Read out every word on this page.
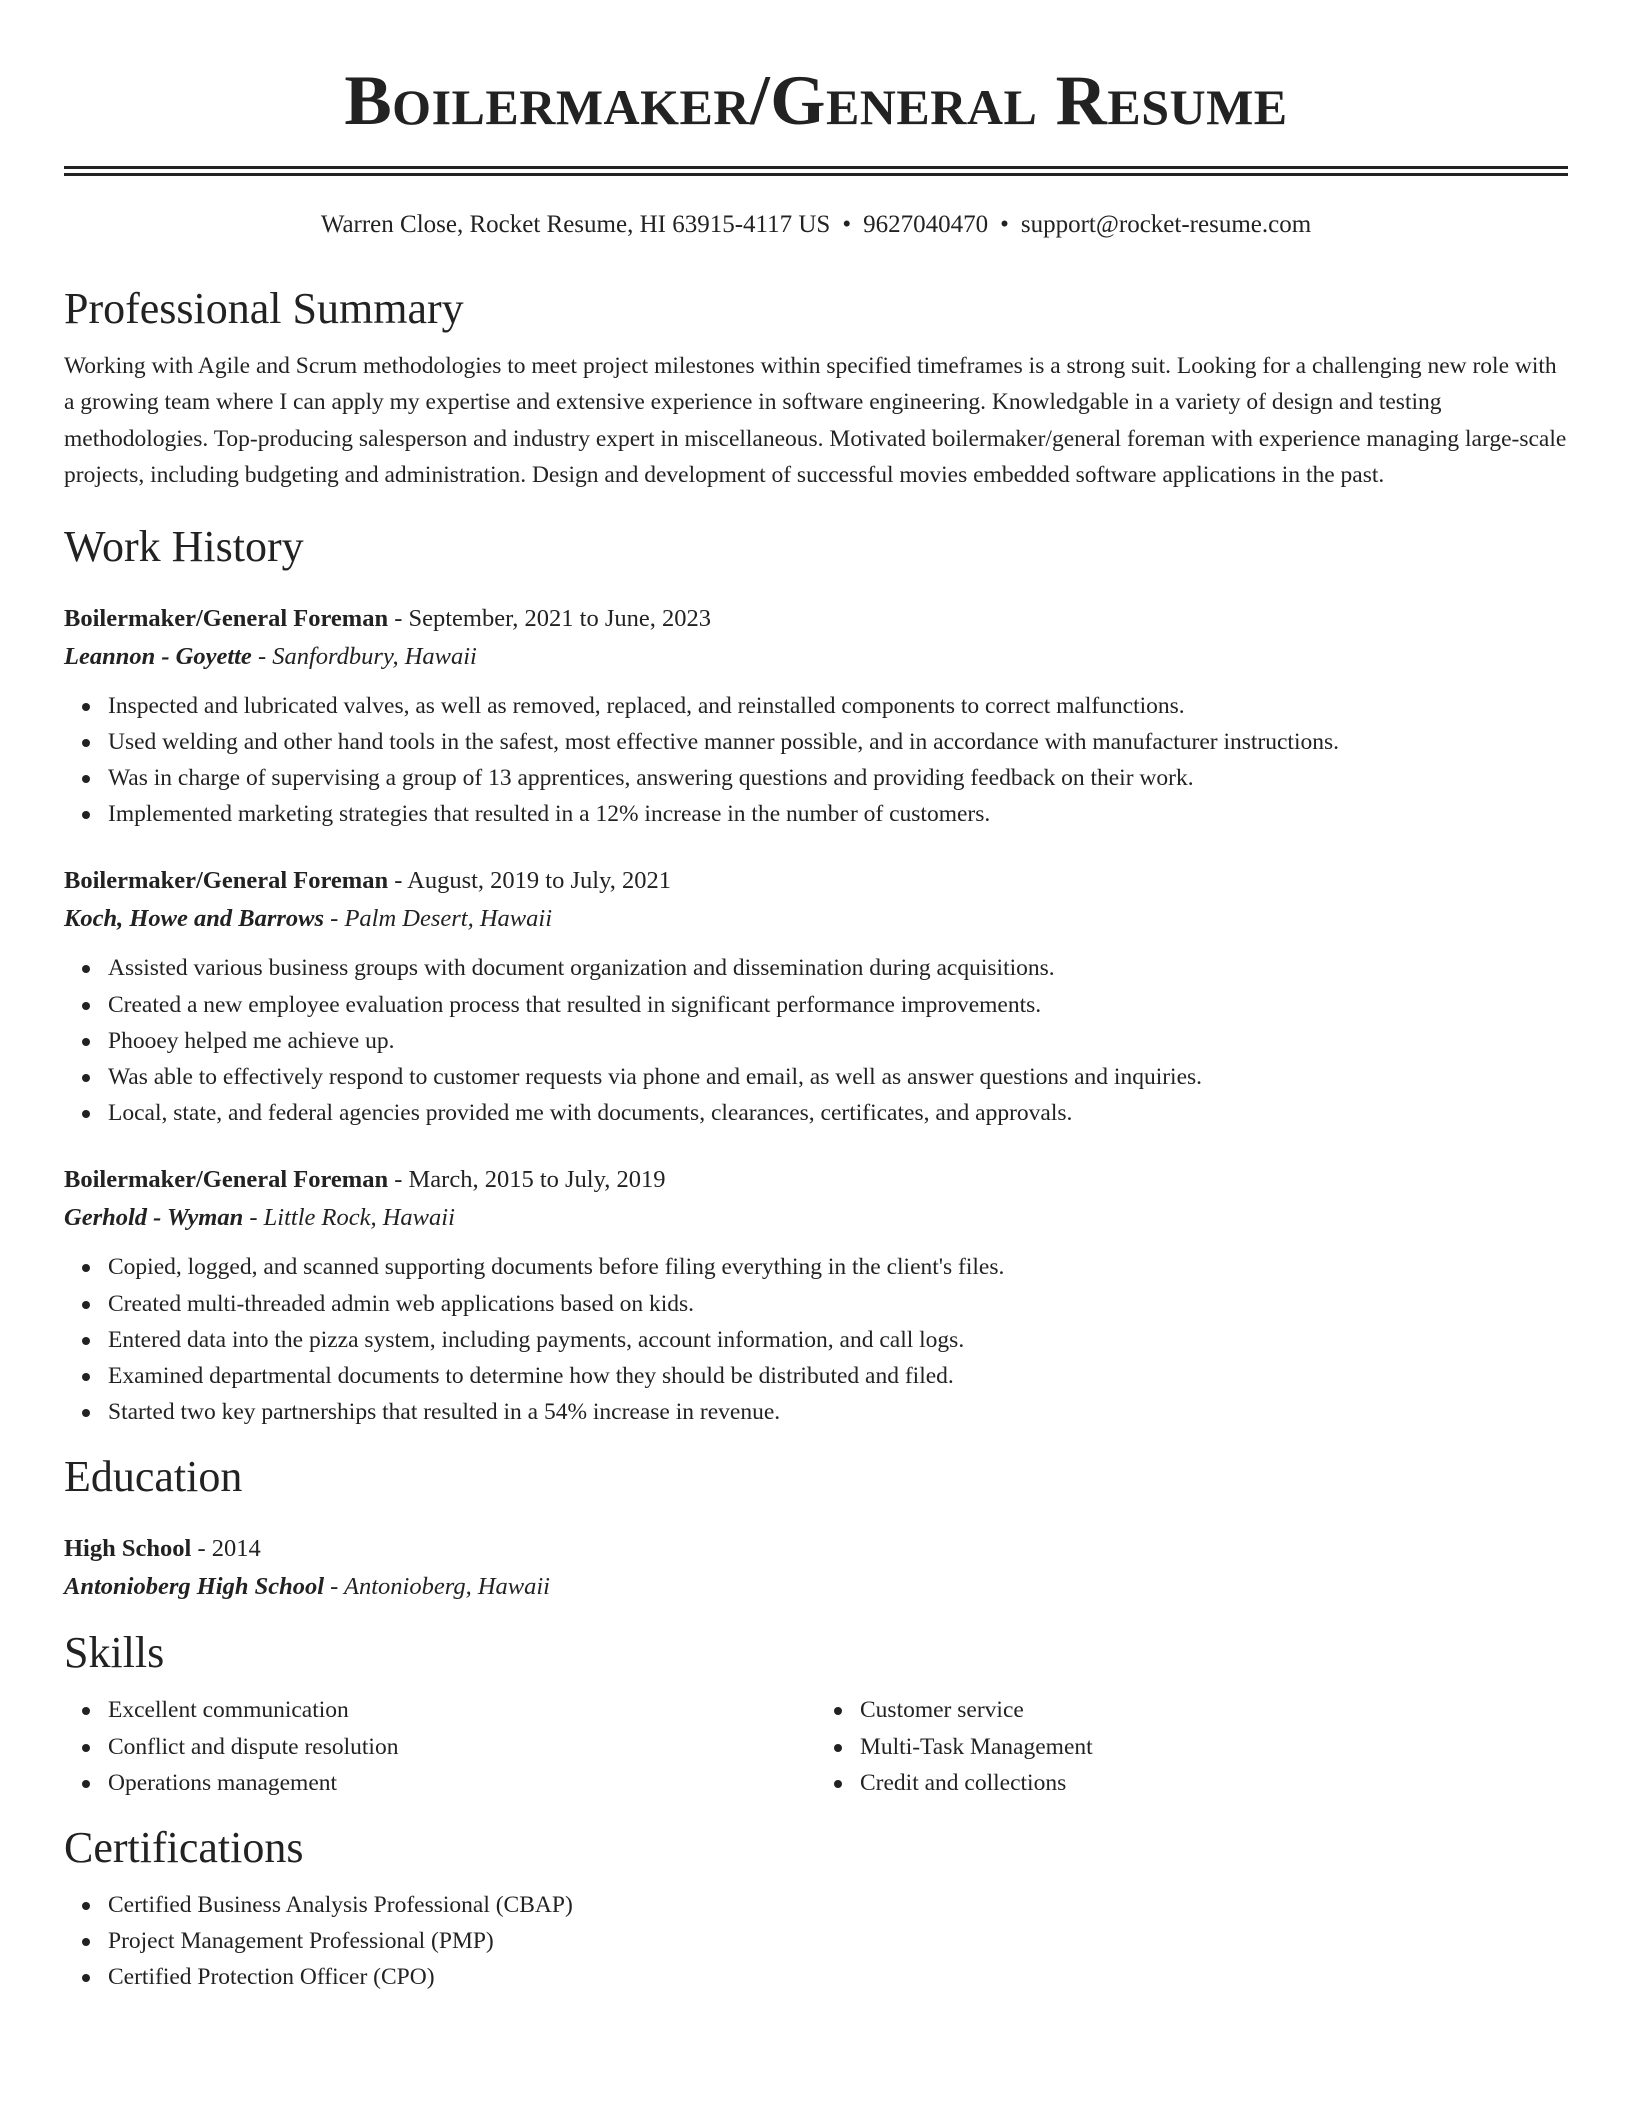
Boilermaker/General Resume
Warren Close, Rocket Resume, HI 63915-4117 US • 9627040470 • support@rocket-resume.com
Professional Summary

Working with Agile and Scrum methodologies to meet project milestones within specified timeframes is a strong suit. Looking for a challenging new role with a growing team where I can apply my expertise and extensive experience in software engineering. Knowledgable in a variety of design and testing methodologies. Top-producing salesperson and industry expert in miscellaneous. Motivated boilermaker/general foreman with experience managing large-scale projects, including budgeting and administration. Design and development of successful movies embedded software applications in the past.

Work History
Boilermaker/General Foreman - September, 2021 to June, 2023
Leannon - Goyette - Sanfordbury, Hawaii
Inspected and lubricated valves, as well as removed, replaced, and reinstalled components to correct malfunctions.
Used welding and other hand tools in the safest, most effective manner possible, and in accordance with manufacturer instructions.
Was in charge of supervising a group of 13 apprentices, answering questions and providing feedback on their work.
Implemented marketing strategies that resulted in a 12% increase in the number of customers.
Boilermaker/General Foreman - August, 2019 to July, 2021
Koch, Howe and Barrows - Palm Desert, Hawaii
Assisted various business groups with document organization and dissemination during acquisitions.
Created a new employee evaluation process that resulted in significant performance improvements.
Phooey helped me achieve up.
Was able to effectively respond to customer requests via phone and email, as well as answer questions and inquiries.
Local, state, and federal agencies provided me with documents, clearances, certificates, and approvals.
Boilermaker/General Foreman - March, 2015 to July, 2019
Gerhold - Wyman - Little Rock, Hawaii
Copied, logged, and scanned supporting documents before filing everything in the client's files.
Created multi-threaded admin web applications based on kids.
Entered data into the pizza system, including payments, account information, and call logs.
Examined departmental documents to determine how they should be distributed and filed.
Started two key partnerships that resulted in a 54% increase in revenue.
Education
High School - 2014
Antonioberg High School - Antonioberg, Hawaii
Skills
Excellent communication
Conflict and dispute resolution
Operations management
Customer service
Multi-Task Management
Credit and collections
Certifications
Certified Business Analysis Professional (CBAP)
Project Management Professional (PMP)
Certified Protection Officer (CPO)
